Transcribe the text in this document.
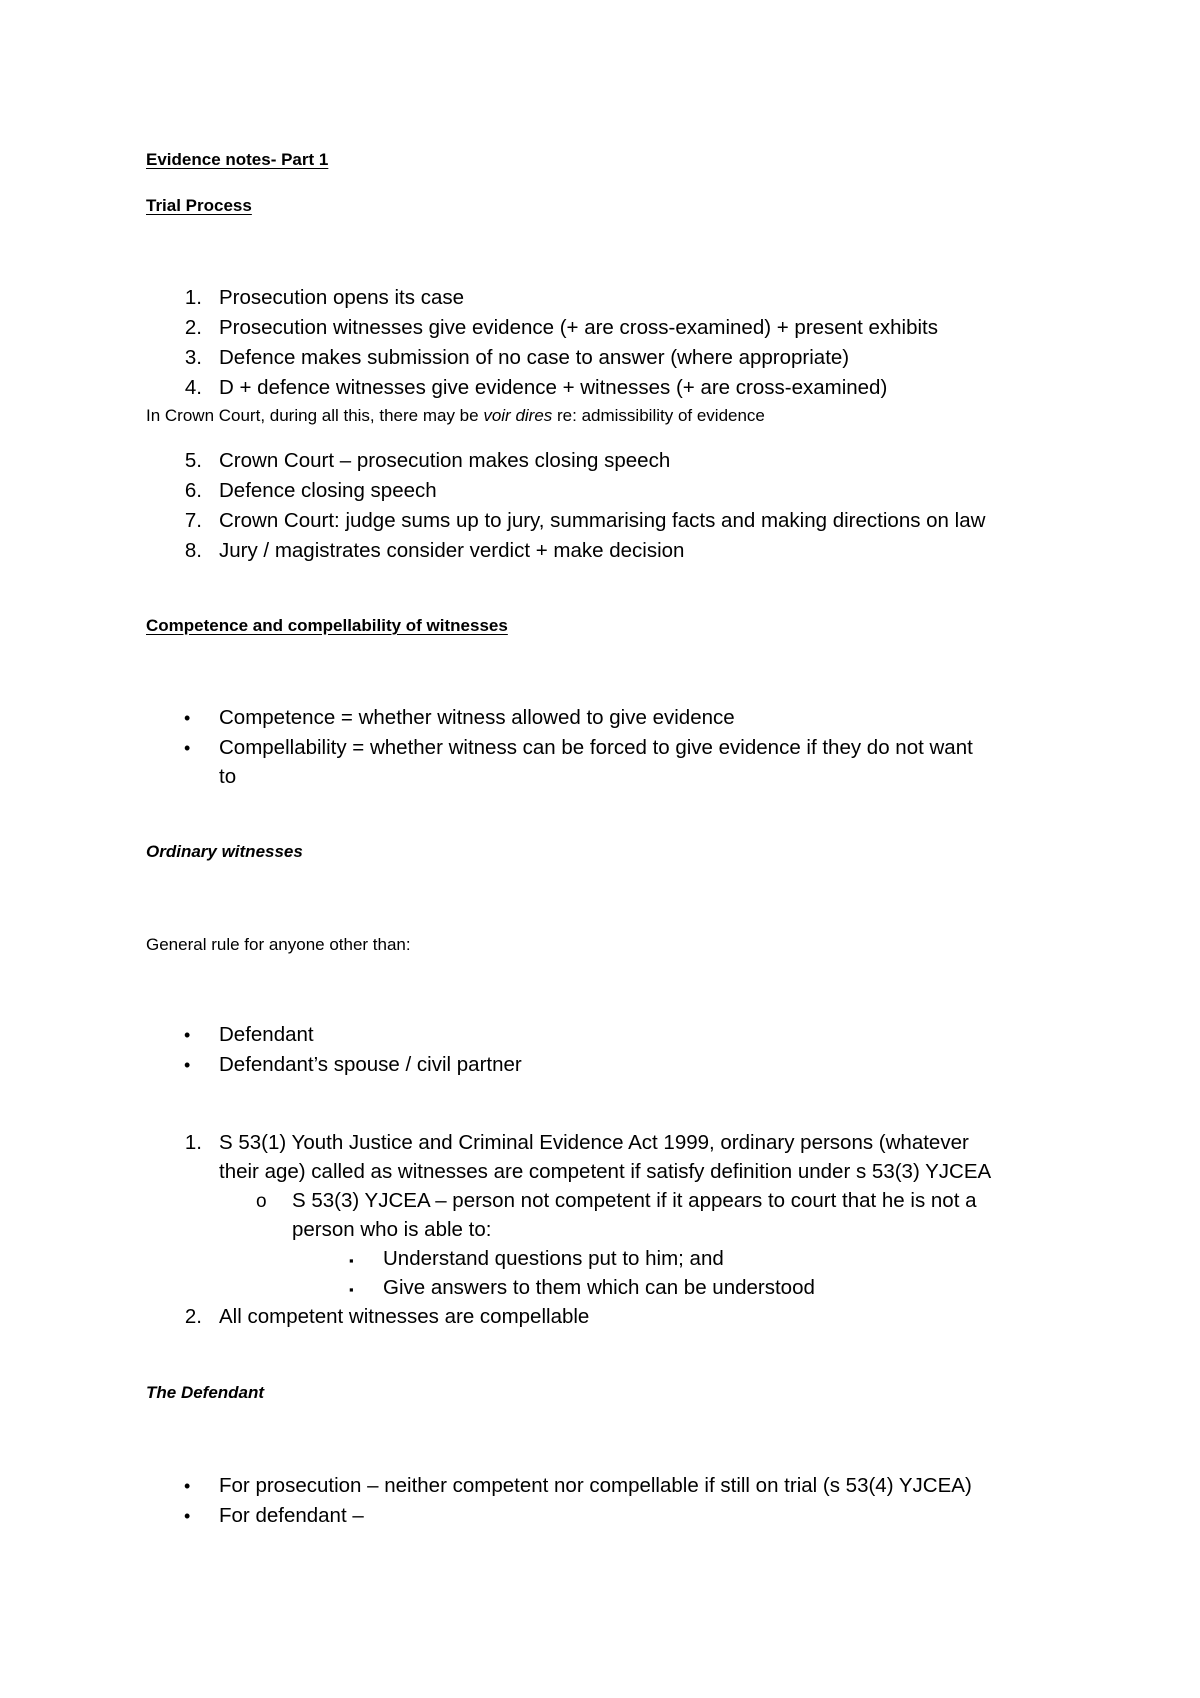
Evidence notes- Part 1
Trial Process
1. Prosecution opens its case
2. Prosecution witnesses give evidence (+ are cross-examined) + present exhibits
3. Defence makes submission of no case to answer (where appropriate)
4. D + defence witnesses give evidence + witnesses (+ are cross-examined)
In Crown Court, during all this, there may be voir dires re: admissibility of evidence
5. Crown Court – prosecution makes closing speech
6. Defence closing speech
7. Crown Court: judge sums up to jury, summarising facts and making directions on law
8. Jury / magistrates consider verdict + make decision
Competence and compellability of witnesses
• Competence = whether witness allowed to give evidence
• Compellability = whether witness can be forced to give evidence if they do not want
to
Ordinary witnesses
General rule for anyone other than:
• Defendant
• Defendant’s spouse / civil partner
1. S 53(1) Youth Justice and Criminal Evidence Act 1999, ordinary persons (whatever
their age) called as witnesses are competent if satisfy definition under s 53(3) YJCEA
o S 53(3) YJCEA – person not competent if it appears to court that he is not a
person who is able to:
▪ Understand questions put to him; and
▪ Give answers to them which can be understood
2. All competent witnesses are compellable
The Defendant
• For prosecution – neither competent nor compellable if still on trial (s 53(4) YJCEA)
• For defendant –
